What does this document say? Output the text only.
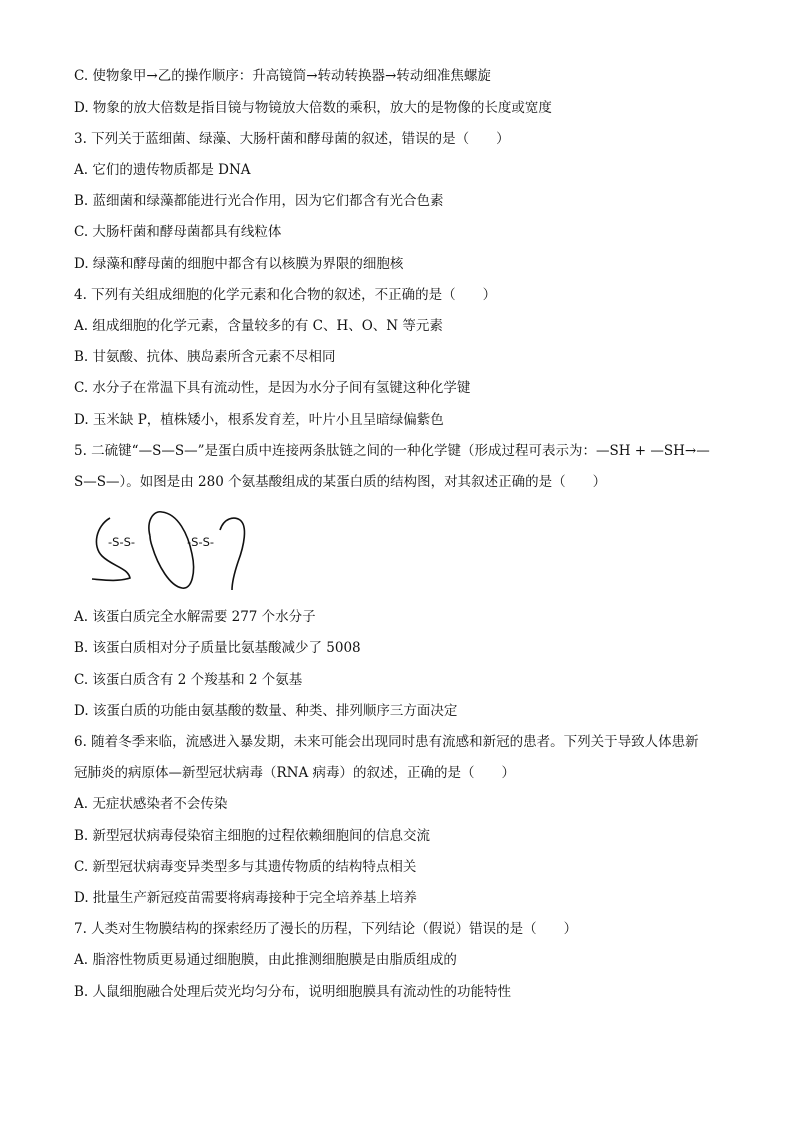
C. 使物象甲→乙的操作顺序：升高镜筒→转动转换器→转动细准焦螺旋
D. 物象的放大倍数是指目镜与物镜放大倍数的乘积，放大的是物像的长度或宽度
3. 下列关于蓝细菌、绿藻、大肠杆菌和酵母菌的叙述，错误的是（　　）
A. 它们的遗传物质都是 DNA
B. 蓝细菌和绿藻都能进行光合作用，因为它们都含有光合色素
C. 大肠杆菌和酵母菌都具有线粒体
D. 绿藻和酵母菌的细胞中都含有以核膜为界限的细胞核
4. 下列有关组成细胞的化学元素和化合物的叙述，不正确的是（　　）
A. 组成细胞的化学元素，含量较多的有 C、H、O、N 等元素
B. 甘氨酸、抗体、胰岛素所含元素不尽相同
C. 水分子在常温下具有流动性，是因为水分子间有氢键这种化学键
D. 玉米缺 P，植株矮小，根系发育差，叶片小且呈暗绿偏紫色
5. 二硫键“—S—S—”是蛋白质中连接两条肽链之间的一种化学键（形成过程可表示为：—SH + —SH→—
S—S—）。如图是由 280 个氨基酸组成的某蛋白质的结构图，对其叙述正确的是（　　）
-S-S-	-S-S-
A. 该蛋白质完全水解需要 277 个水分子
B. 该蛋白质相对分子质量比氨基酸减少了 5008
C. 该蛋白质含有 2 个羧基和 2 个氨基
D. 该蛋白质的功能由氨基酸的数量、种类、排列顺序三方面决定
6. 随着冬季来临，流感进入暴发期，未来可能会出现同时患有流感和新冠的患者。下列关于导致人体患新
冠肺炎的病原体—新型冠状病毒（RNA 病毒）的叙述，正确的是（　　）
A. 无症状感染者不会传染
B. 新型冠状病毒侵染宿主细胞的过程依赖细胞间的信息交流
C. 新型冠状病毒变异类型多与其遗传物质的结构特点相关
D. 批量生产新冠疫苗需要将病毒接种于完全培养基上培养
7. 人类对生物膜结构的探索经历了漫长的历程，下列结论（假说）错误的是（　　）
A. 脂溶性物质更易通过细胞膜，由此推测细胞膜是由脂质组成的
B. 人鼠细胞融合处理后荧光均匀分布，说明细胞膜具有流动性的功能特性
